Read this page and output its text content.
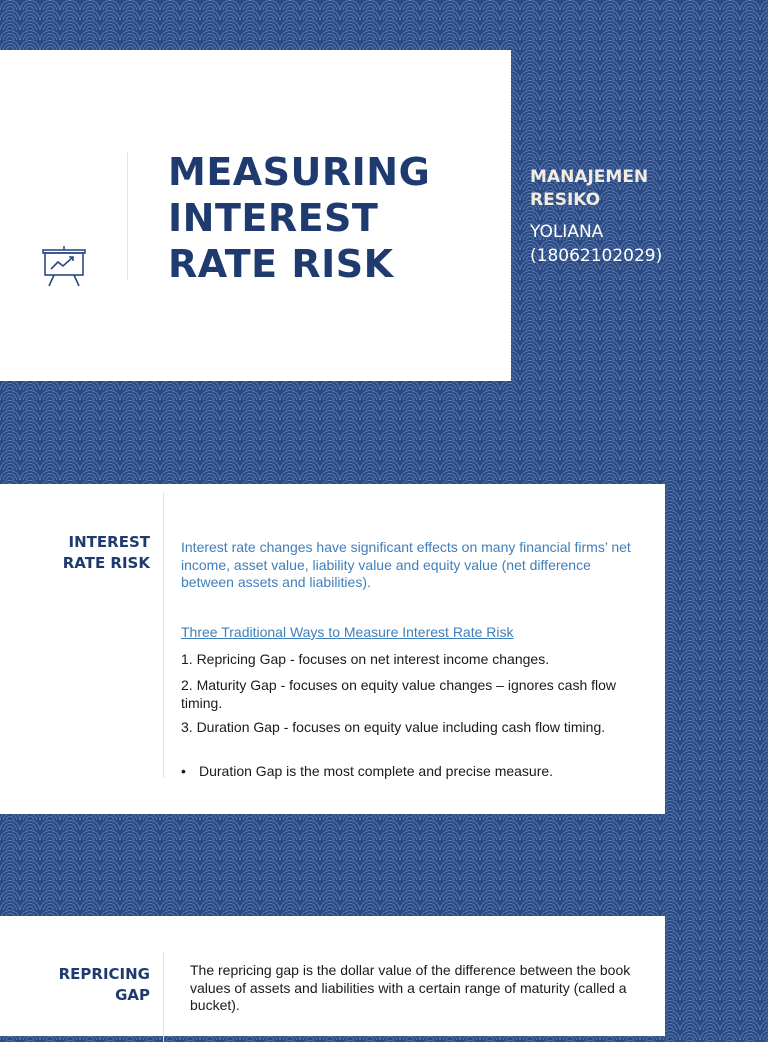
MEASURING
INTEREST
RATE RISK

MANAJEMEN
RESIKO

YOLIANA
(18062102029)

INTEREST
RATE RISK

Interest rate changes have significant effects on many financial firms’ net income, asset value, liability value and equity value (net difference between assets and liabilities).

Three Traditional Ways to Measure Interest Rate Risk

1. Repricing Gap - focuses on net interest income changes.

2. Maturity Gap - focuses on equity value changes – ignores cash flow timing.

3. Duration Gap - focuses on equity value including cash flow timing.

• Duration Gap is the most complete and precise measure.

REPRICING
GAP

The repricing gap is the dollar value of the difference between the book values of assets and liabilities with a certain range of maturity (called a bucket).
